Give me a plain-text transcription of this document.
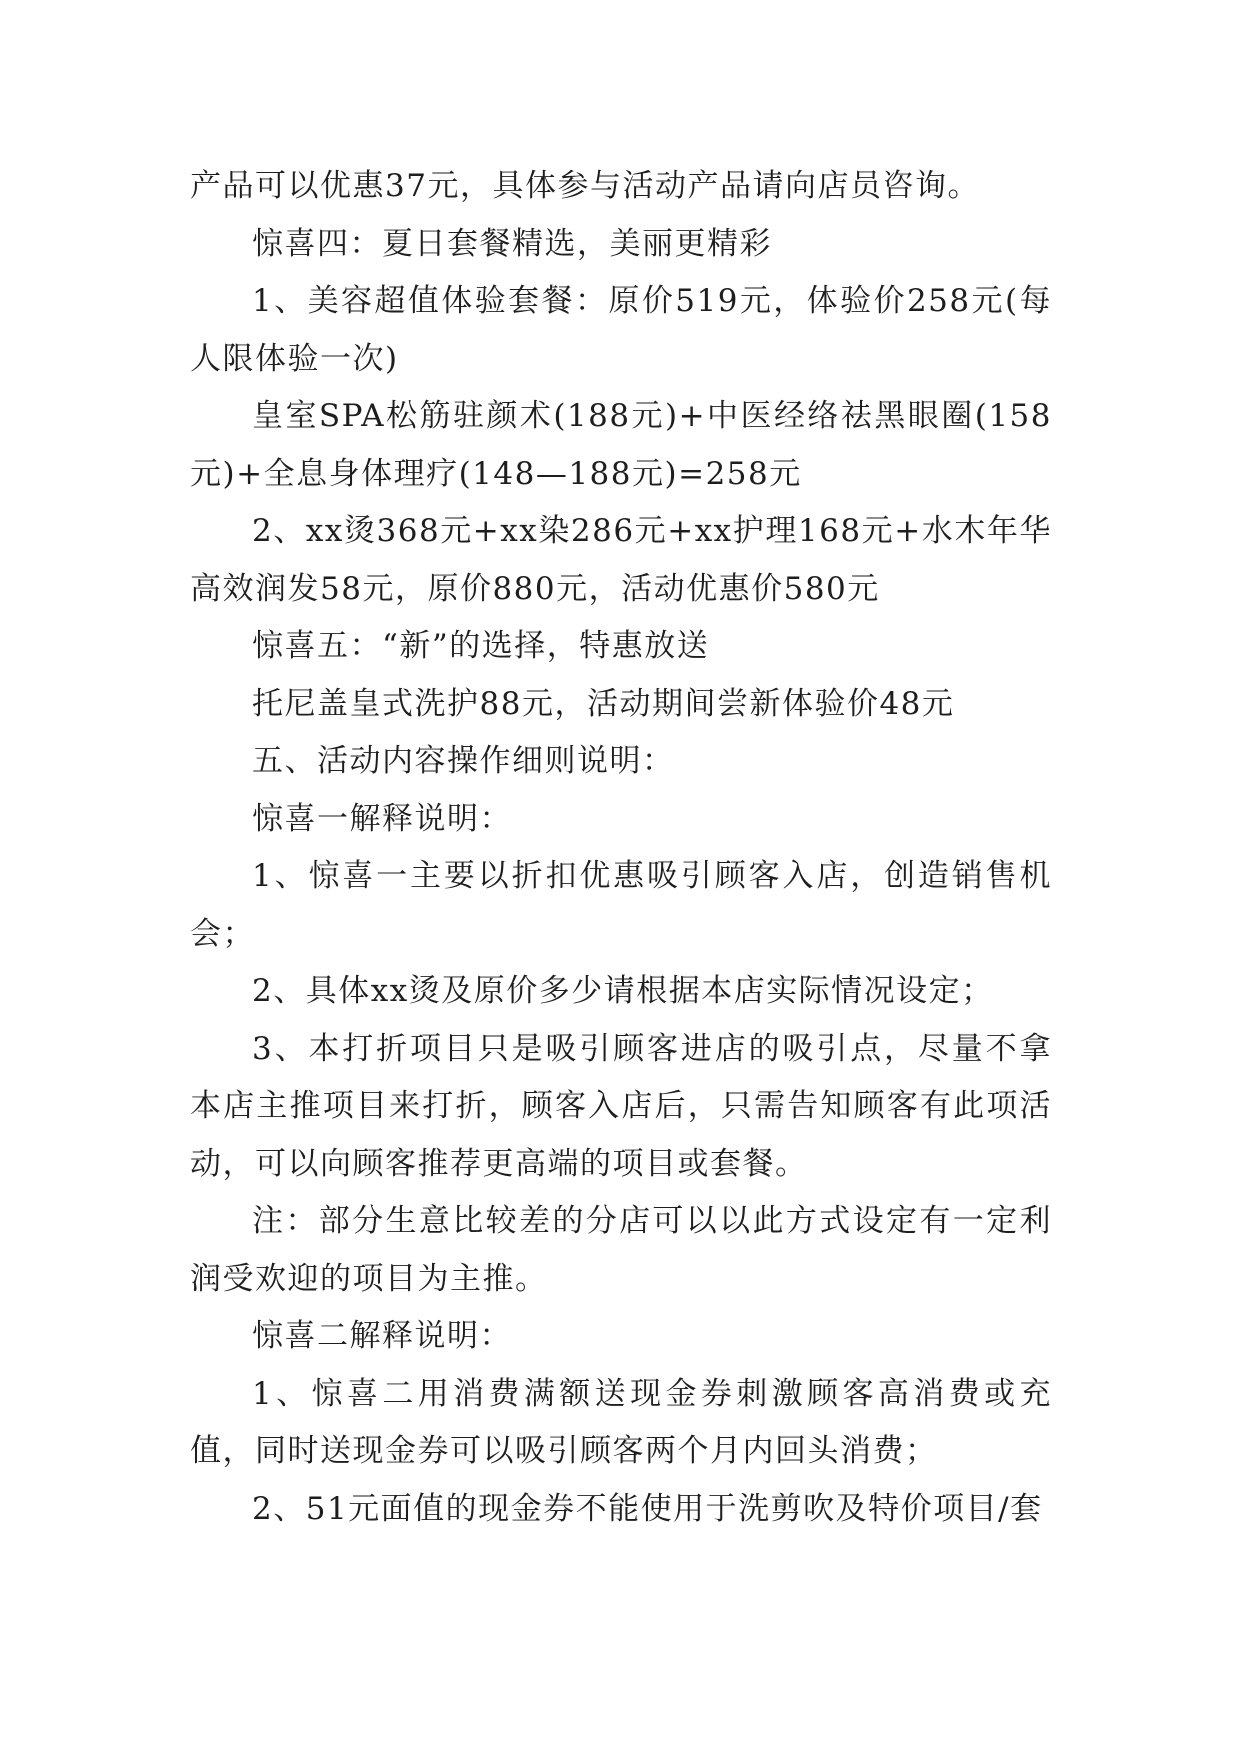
产品可以优惠37元，具体参与活动产品请向店员咨询。

惊喜四：夏日套餐精选，美丽更精彩

1、美容超值体验套餐：原价519元，体验价258元(每人限体验一次)

皇室SPA松筋驻颜术(188元)+中医经络祛黑眼圈(158元)+全息身体理疗(148—188元)=258元

2、xx烫368元+xx染286元+xx护理168元+水木年华高效润发58元，原价880元，活动优惠价580元

惊喜五：“新”的选择，特惠放送

托尼盖皇式洗护88元，活动期间尝新体验价48元

五、活动内容操作细则说明：

惊喜一解释说明：

1、惊喜一主要以折扣优惠吸引顾客入店，创造销售机会；

2、具体xx烫及原价多少请根据本店实际情况设定；

3、本打折项目只是吸引顾客进店的吸引点，尽量不拿本店主推项目来打折，顾客入店后，只需告知顾客有此项活动，可以向顾客推荐更高端的项目或套餐。

注：部分生意比较差的分店可以以此方式设定有一定利润受欢迎的项目为主推。

惊喜二解释说明：

1、惊喜二用消费满额送现金券刺激顾客高消费或充值，同时送现金券可以吸引顾客两个月内回头消费；

2、51元面值的现金券不能使用于洗剪吹及特价项目/套
